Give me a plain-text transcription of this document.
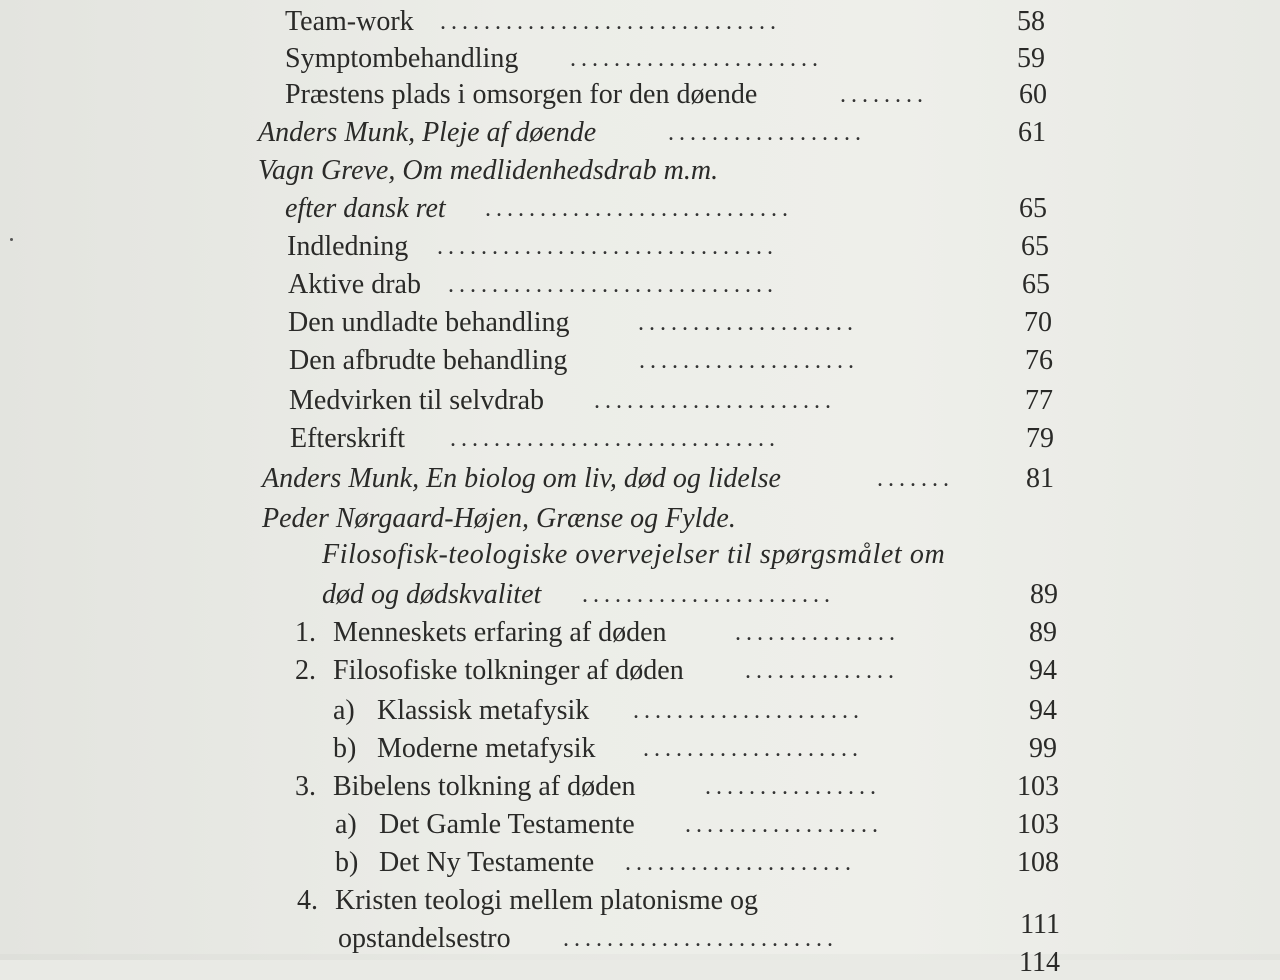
Team-work ...............................	58
Symptombehandling .......................	59
Præstens plads i omsorgen for den døende	........	60
Anders Munk, Pleje af døende	..................	61
Vagn Greve, Om medlidenhedsdrab m.m.
efter dansk ret ............................	65
Indledning ...............................	65
Aktive drab ..............................	65
Den undladte behandling	....................	70
Den afbrudte behandling	....................	76
Medvirken til selvdrab ......................	77
Efterskrift ..............................	79
Anders Munk, En biolog om liv, død og lidelse	.......	81
Peder Nørgaard-Højen, Grænse og Fylde.
Filosofisk-teologiske overvejelser til spørgsmålet om
død og dødskvalitet .......................	89
1. Menneskets erfaring af døden	...............	89
2. Filosofiske tolkninger af døden	..............	94
a) Klassisk metafysik .....................	94
b) Moderne metafysik ....................	99
3. Bibelens tolkning af døden	................	103
a) Det Gamle Testamente ..................	103
b) Det Ny Testamente .....................	108
4. Kristen teologi mellem platonisme og
opstandelsestro .........................	111
114
